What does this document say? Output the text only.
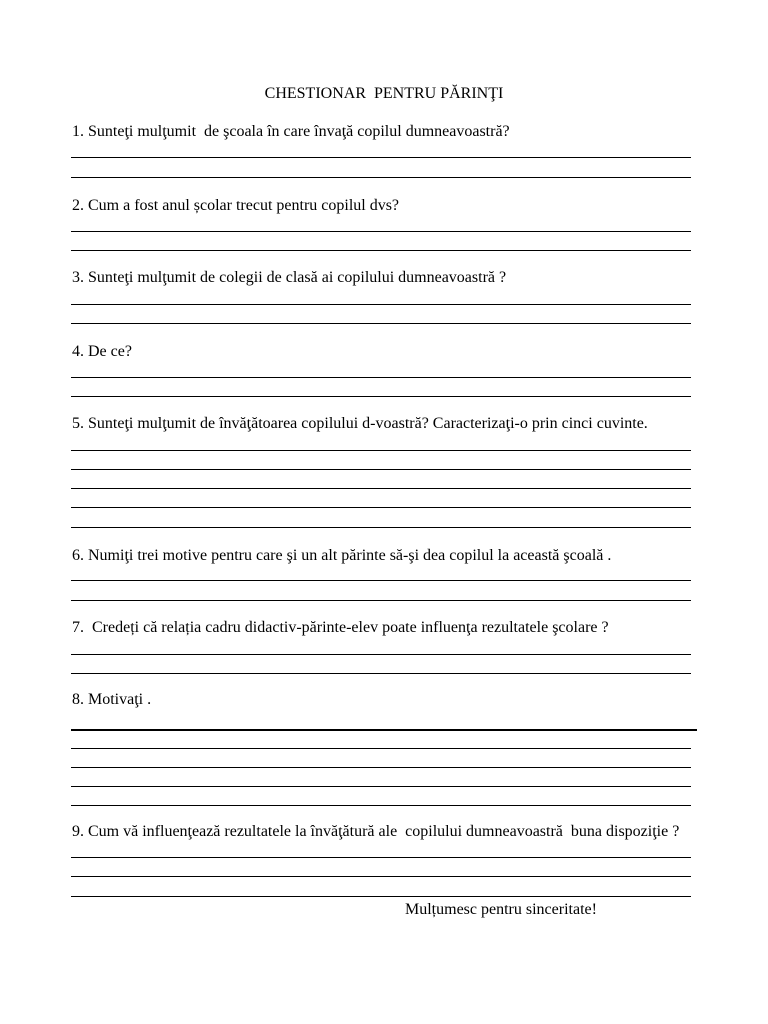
CHESTIONAR  PENTRU PĂRINŢI
1. Sunteţi mulţumit  de şcoala în care învaţă copilul dumneavoastră?
2. Cum a fost anul școlar trecut pentru copilul dvs?
3. Sunteţi mulţumit de colegii de clasă ai copilului dumneavoastră ?
4. De ce?
5. Sunteţi mulţumit de învăţătoarea copilului d-voastră? Caracterizaţi-o prin cinci cuvinte.
6. Numiţi trei motive pentru care şi un alt părinte să-şi dea copilul la această şcoală .
7.  Credeți că relația cadru didactiv-părinte-elev poate influenţa rezultatele şcolare ?
8. Motivaţi .
9. Cum vă influenţează rezultatele la învăţătură ale  copilului dumneavoastră  buna dispoziţie ?
Mulțumesc pentru sinceritate!
